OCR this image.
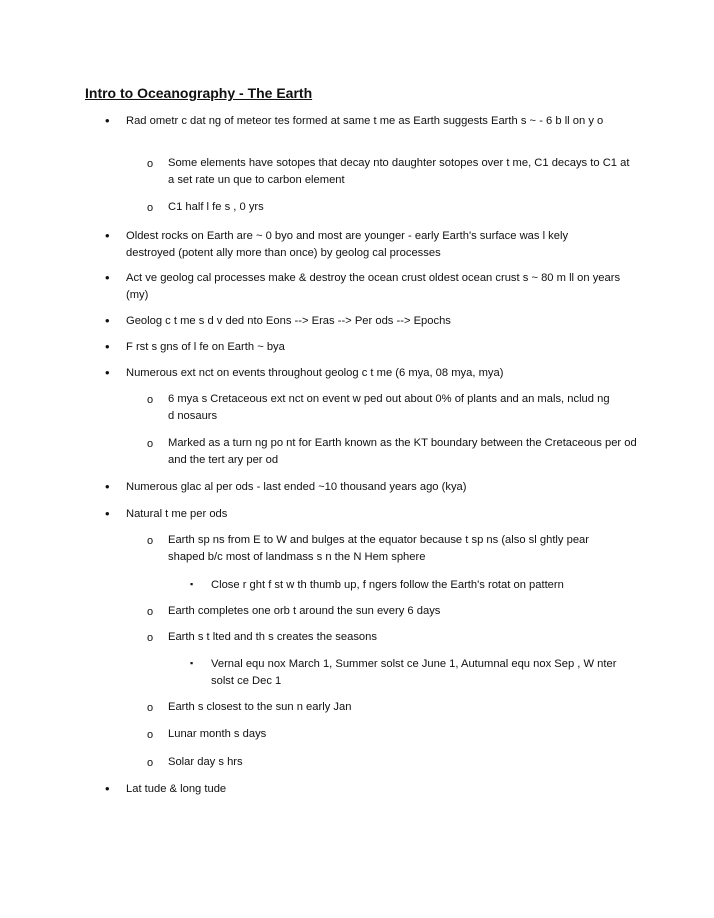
Intro to Oceanography - The Earth
• Rad ometr c dat ng of meteor tes formed at same t me as Earth suggests Earth s ~ - 6 b ll on y o
o Some elements have sotopes that decay nto daughter sotopes over t me, C1 decays to C1 at a set rate un que to carbon element
o C1 half l fe s , 0 yrs
• Oldest rocks on Earth are ~ 0 byo and most are younger - early Earth's surface was l kely destroyed (potent ally more than once) by geolog cal processes
• Act ve geolog cal processes make & destroy the ocean crust oldest ocean crust s ~ 80 m ll on years (my)
• Geolog c t me s d v ded nto Eons --> Eras --> Per ods --> Epochs
• F rst s gns of l fe on Earth ~ bya
• Numerous ext nct on events throughout geolog c t me (6 mya, 08 mya, mya)
o 6 mya s Cretaceous ext nct on event w ped out about 0% of plants and an mals, nclud ng d nosaurs
o Marked as a turn ng po nt for Earth known as the KT boundary between the Cretaceous per od and the tert ary per od
• Numerous glac al per ods - last ended ~10 thousand years ago (kya)
• Natural t me per ods
o Earth sp ns from E to W and bulges at the equator because t sp ns (also sl ghtly pear shaped b/c most of landmass s n the N Hem sphere
▪ Close r ght f st w th thumb up, f ngers follow the Earth's rotat on pattern
o Earth completes one orb t around the sun every 6 days
o Earth s t lted and th s creates the seasons
▪ Vernal equ nox March 1, Summer solst ce June 1, Autumnal equ nox Sep , W nter solst ce Dec 1
o Earth s closest to the sun n early Jan
o Lunar month s days
o Solar day s hrs
• Lat tude & long tude
